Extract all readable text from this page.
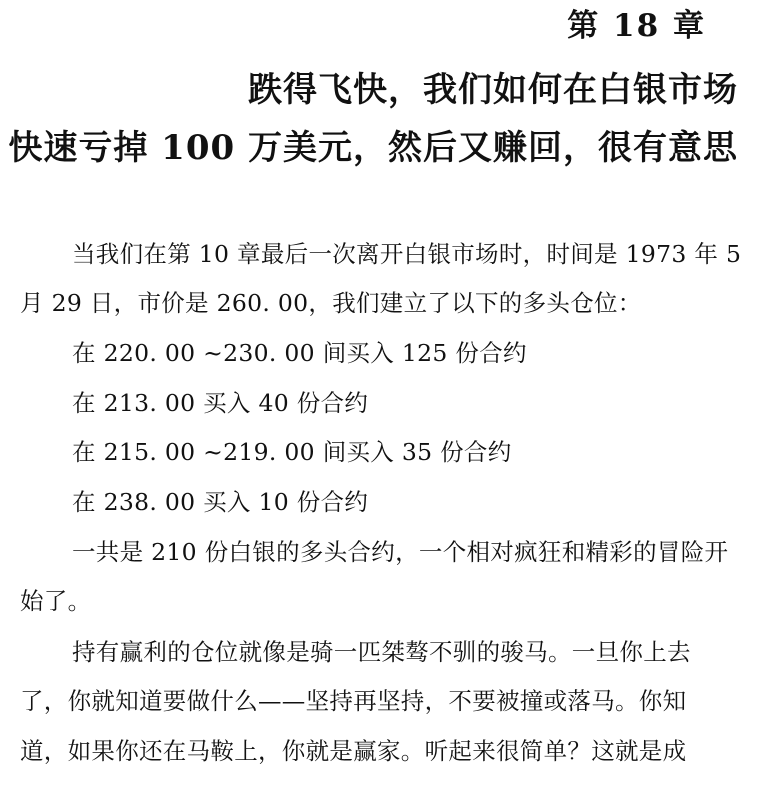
第 18 章
跌得飞快，我们如何在白银市场
快速亏掉 100 万美元，然后又赚回，很有意思
当我们在第 10 章最后一次离开白银市场时，时间是 1973 年 5
月 29 日，市价是 260. 00，我们建立了以下的多头仓位：
在 220. 00 ~230. 00 间买入 125 份合约
在 213. 00 买入 40 份合约
在 215. 00 ~219. 00 间买入 35 份合约
在 238. 00 买入 10 份合约
一共是 210 份白银的多头合约，一个相对疯狂和精彩的冒险开
始了。
持有赢利的仓位就像是骑一匹桀骜不驯的骏马。一旦你上去
了，你就知道要做什么——坚持再坚持，不要被撞或落马。你知
道，如果你还在马鞍上，你就是赢家。听起来很简单？这就是成
